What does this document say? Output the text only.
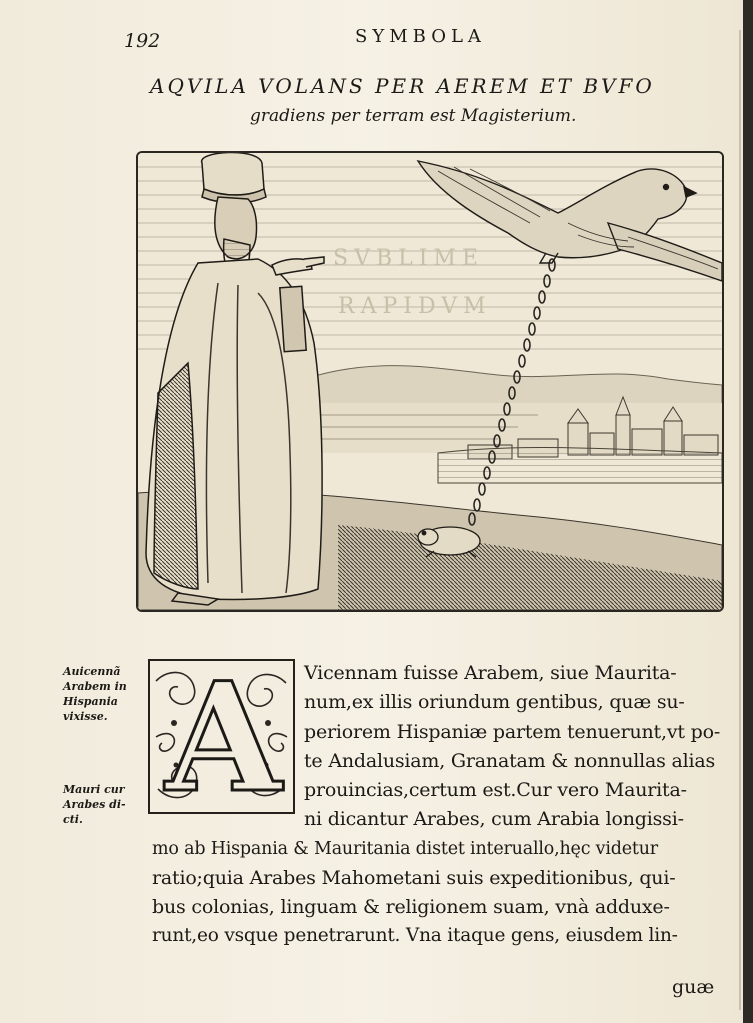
192	SYMBOLA
AQVILA VOLANS PER AEREM ET BVFO
gradiens per terram est Magisterium.
SVBLIME
RAPIDVM
Auicennã
Arabem in
Hispania
vixisse.
Mauri cur
Arabes di-
cti. A	Vicennam fuisse Arabem, siue Maurita-
num,ex illis oriundum gentibus, quæ su-
periorem Hispaniæ partem tenuerunt,vt po-
te Andalusiam, Granatam & nonnullas alias
prouincias,certum est.Cur vero Maurita-
ni dicantur Arabes, cum Arabia longissi-
mo ab Hispania & Mauritania distet interuallo,hęc videtur
ratio;quia Arabes Mahometani suis expeditionibus, qui-
bus colonias, linguam & religionem suam, vnà adduxe-
runt,eo vsque penetrarunt. Vna itaque gens, eiusdem lin-
guæ
